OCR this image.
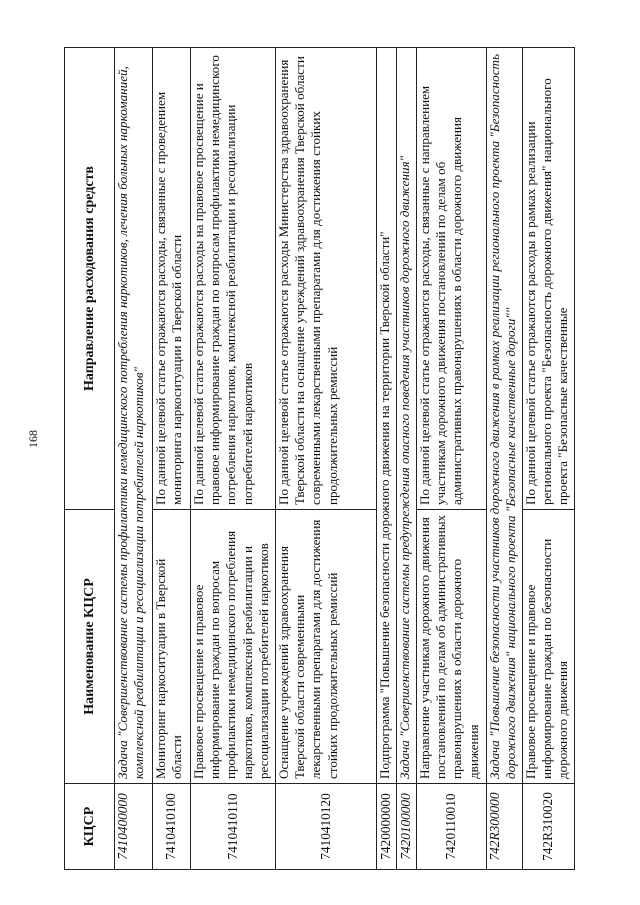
168
КЦСР	Наименование КЦСР	Направление расходования средств
7410400000	Задача "Совершенствование системы профилактики немедицинского потребления наркотиков, лечения больных наркоманией, комплексной реабилитации и ресоциализации потребителей наркотиков"	
7410410100	Мониторинг наркоситуации в Тверской области	По данной целевой статье отражаются расходы, связанные с проведением мониторинга наркоситуации в Тверской области
7410410110	Правовое просвещение и правовое информирование граждан по вопросам профилактики немедицинского потребления наркотиков, комплексной реабилитации и ресоциализации потребителей наркотиков	По данной целевой статье отражаются расходы на правовое просвещение и правовое информирование граждан по вопросам профилактики немедицинского потребления наркотиков, комплексной реабилитации и ресоциализации потребителей наркотиков
7410410120	Оснащение учреждений здравоохранения Тверской области современными лекарственными препаратами для достижения стойких продолжительных ремиссий	По данной целевой статье отражаются расходы Министерства здравоохранения Тверской области на оснащение учреждений здравоохранения Тверской области современными лекарственными препаратами для достижения стойких продолжительных ремиссий
7420000000	Подпрограмма "Повышение безопасности дорожного движения на территории Тверской области"	
7420100000	Задача "Совершенствование системы предупреждения опасного поведения участников дорожного движения"	
7420110010	Направление участникам дорожного движения постановлений по делам об административных правонарушениях в области дорожного движения	По данной целевой статье отражаются расходы, связанные с направлением участникам дорожного движения постановлений по делам об административных правонарушениях в области дорожного движения
742R300000	Задача "Повышение безопасности участников дорожного движения в рамках реализации регионального проекта "Безопасность дорожного движения" национального проекта "Безопасные качественные дороги""	
742R310020	Правовое просвещение и правовое информирование граждан по безопасности дорожного движения	По данной целевой статье отражаются расходы в рамках реализации регионального проекта "Безопасность дорожного движения" национального проекта "Безопасные качественные
